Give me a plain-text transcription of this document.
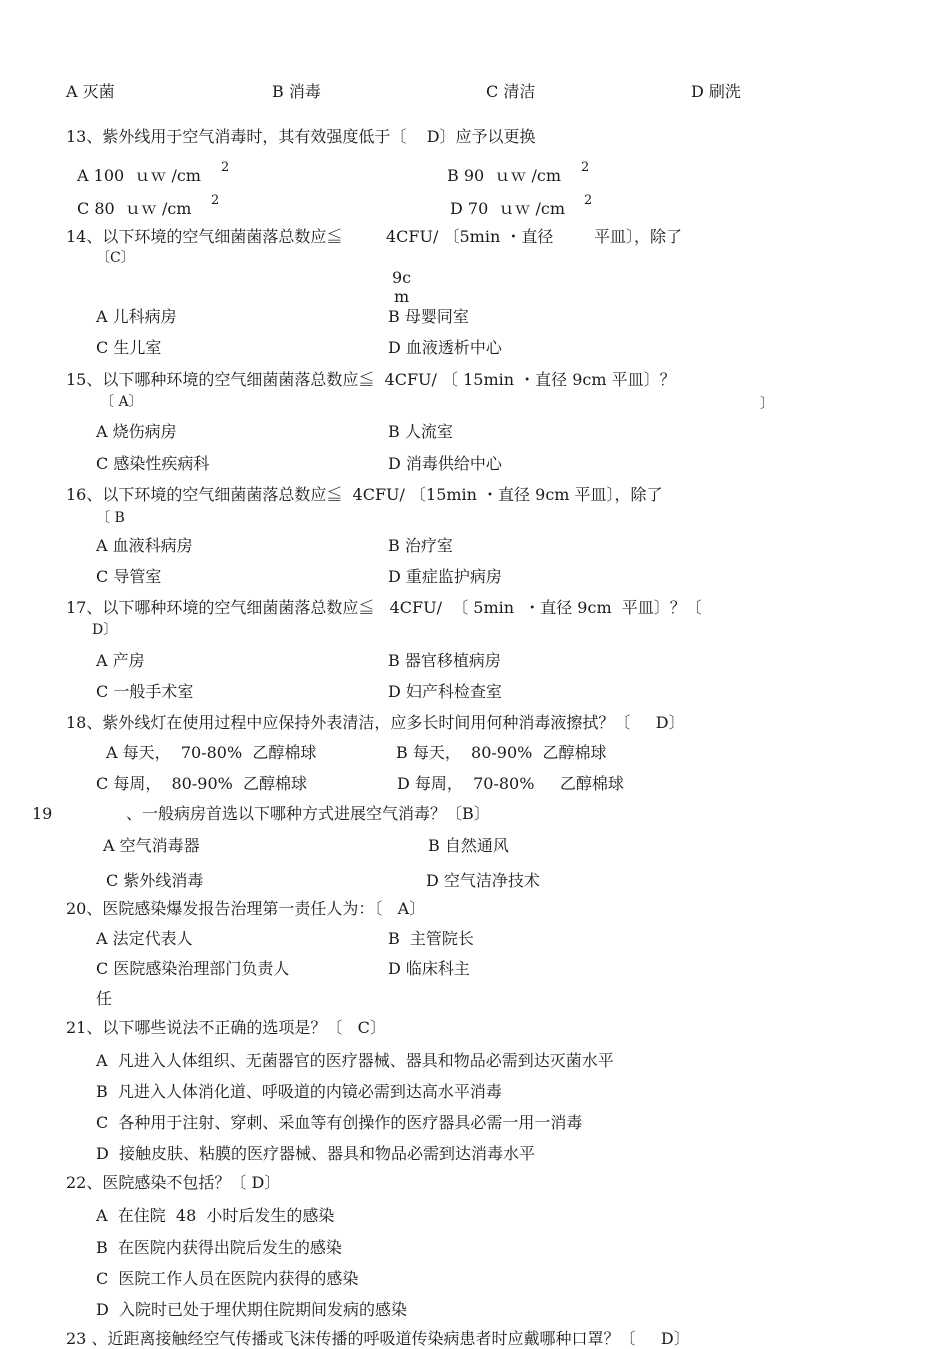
A 灭菌	B 消毒	C 清洁	D 刷洗
13、紫外线用于空气消毒时，其有效强度低于〔    D〕应予以更换
A 100  ｕｗ /cm 2	B 90  ｕｗ /cm 2
C 80  ｕｗ /cm 2	D 70  ｕｗ /cm 2
14、以下环境的空气细菌菌落总数应≦	4CFU/ 〔5min ・直径	平皿〕，除了
〔C〕
9c
m
A 儿科病房	B 母婴同室
C 生儿室	D 血液透析中心
15、以下哪种环境的空气细菌菌落总数应≦  4CFU/ 〔 15min ・直径 9cm 平皿〕？
〔 A〕	〕
A 烧伤病房	B 人流室
C 感染性疾病科	D 消毒供给中心
16、以下环境的空气细菌菌落总数应≦  4CFU/ 〔15min ・直径 9cm 平皿〕，除了
〔 B
A 血液科病房	B 治疗室
C 导管室	D 重症监护病房
17、以下哪种环境的空气细菌菌落总数应≦   4CFU/  〔 5min  ・直径 9cm  平皿〕？〔
D〕
A 产房	B 器官移植病房
C 一般手术室	D 妇产科检查室
18、紫外线灯在使用过程中应保持外表清洁，应多长时间用何种消毒液擦拭？〔     D〕
A 每天，  70-80%  乙醇棉球	B 每天，  80-90%  乙醇棉球
C 每周，  80-90%  乙醇棉球	D 每周，  70-80%     乙醇棉球
19	、一般病房首选以下哪种方式进展空气消毒？〔B〕
A 空气消毒器	B 自然通风
C 紫外线消毒	D 空气洁净技术
20、医院感染爆发报告治理第一责任人为：〔   A〕
A 法定代表人	B  主管院长
C 医院感染治理部门负责人	D 临床科主
任
21、以下哪些说法不正确的选项是？〔   C〕
A  凡进入人体组织、无菌器官的医疗器械、器具和物品必需到达灭菌水平
B  凡进入人体消化道、呼吸道的内镜必需到达高水平消毒
C  各种用于注射、穿刺、采血等有创操作的医疗器具必需一用一消毒
D  接触皮肤、粘膜的医疗器械、器具和物品必需到达消毒水平
22、医院感染不包括？〔 D〕
A  在住院  48  小时后发生的感染
B  在医院内获得出院后发生的感染
C  医院工作人员在医院内获得的感染
D  入院时已处于埋伏期住院期间发病的感染
23 、近距离接触经空气传播或飞沫传播的呼吸道传染病患者时应戴哪种口罩？〔     D〕
